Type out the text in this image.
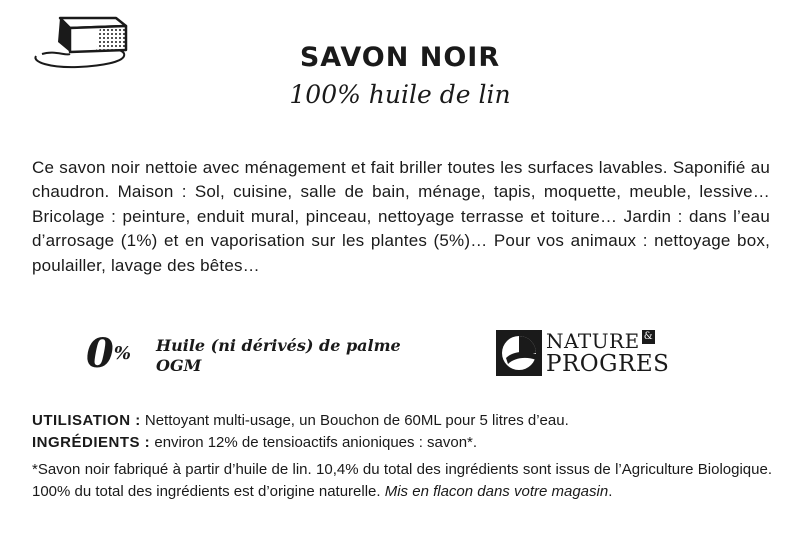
SAVON NOIR
100% huile de lin

Ce savon noir nettoie avec ménagement et fait briller toutes les surfaces lavables. Saponifié au chaudron. Maison : Sol, cuisine, salle de bain, ménage, tapis, moquette, meuble, lessive… Bricolage : peinture, enduit mural, pinceau, nettoyage terrasse et toiture… Jardin : dans l’eau d’arrosage (1%) et en vaporisation sur les plantes (5%)… Pour vos animaux : nettoyage box, poulailler, lavage des bêtes…

0% Huile (ni dérivés) de palme
OGM
NATURE &
PROGRES
UTILISATION : Nettoyant multi-usage, un Bouchon de 60ML pour 5 litres d’eau.
INGRÉDIENTS : environ 12% de tensioactifs anioniques : savon*.

*Savon noir fabriqué à partir d’huile de lin. 10,4% du total des ingrédients sont issus de l’Agriculture Biologique. 100% du total des ingrédients est d’origine naturelle. Mis en flacon dans votre magasin.
